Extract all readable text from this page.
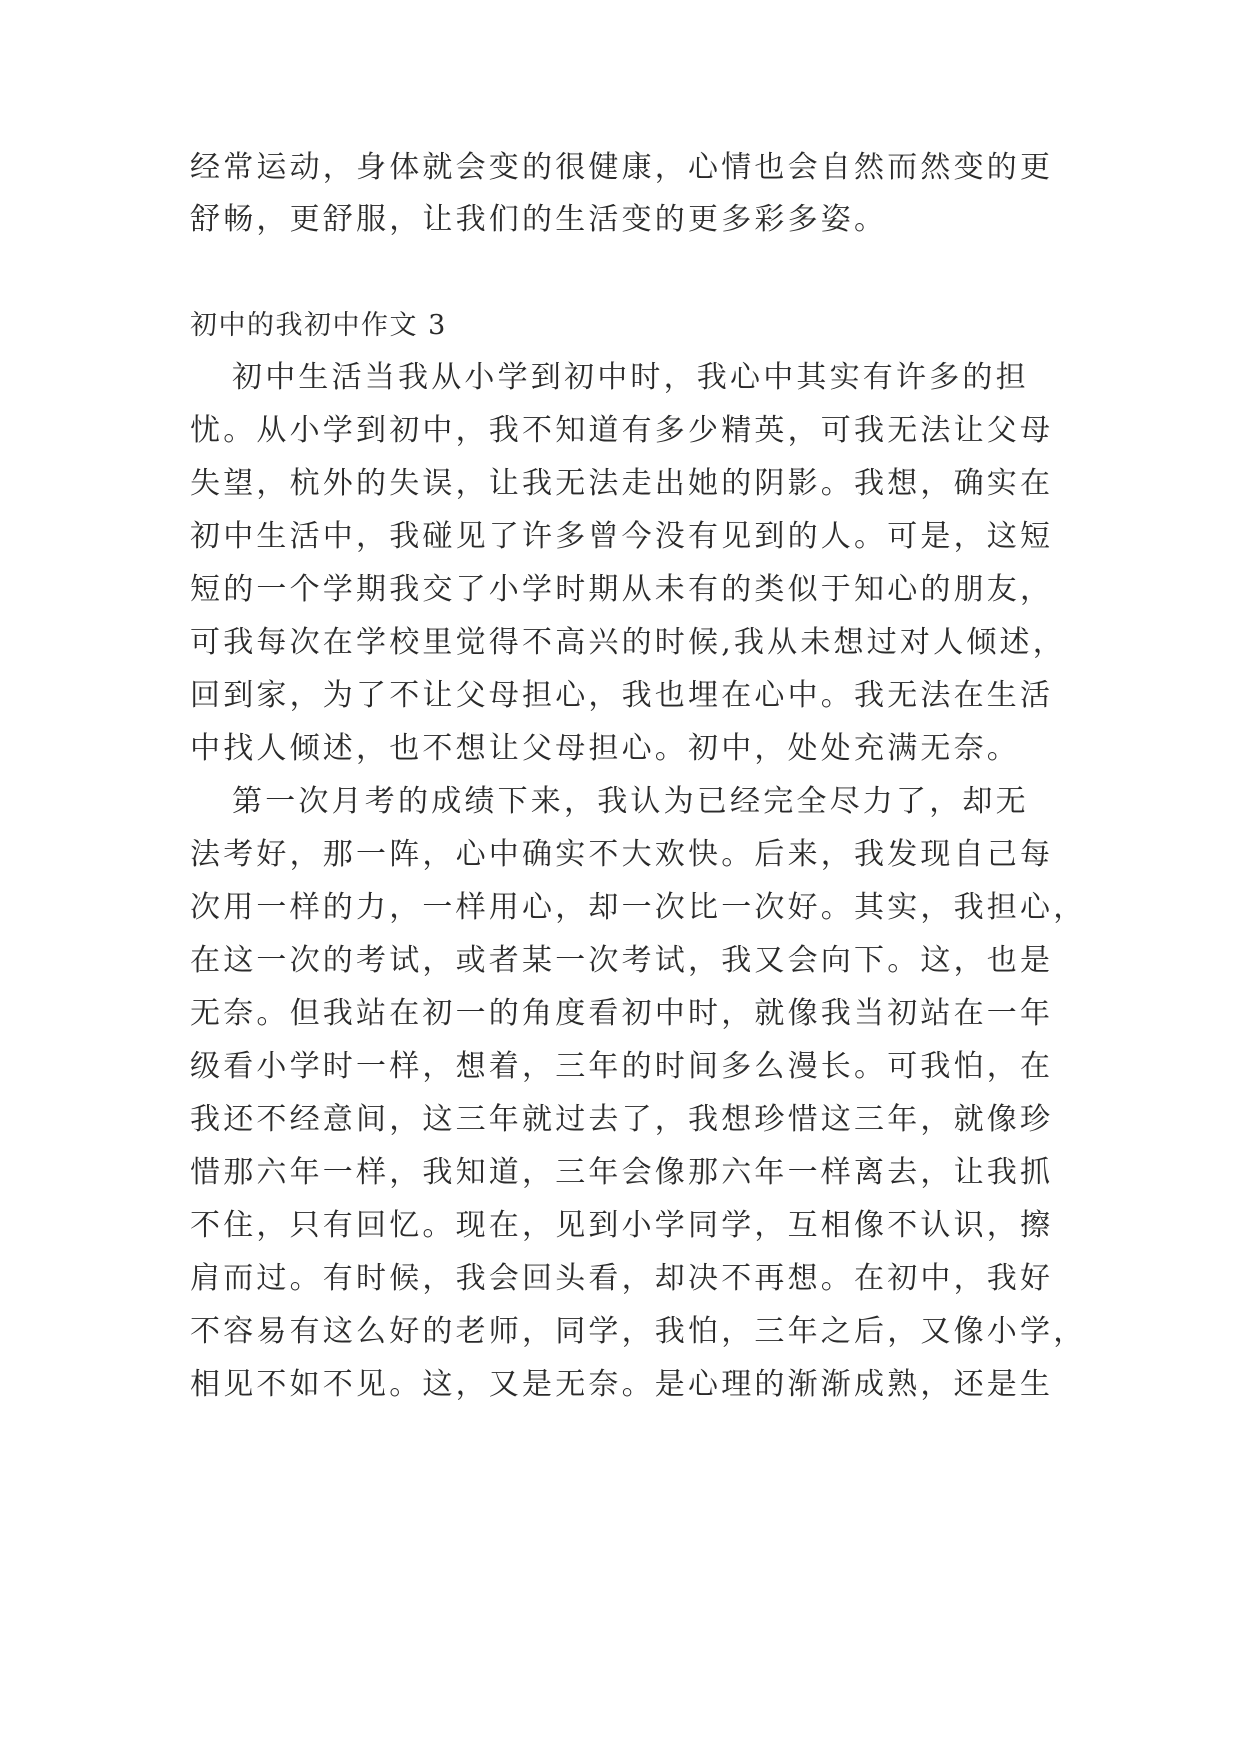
经常运动，身体就会变的很健康，心情也会自然而然变的更
舒畅，更舒服，让我们的生活变的更多彩多姿。
初中的我初中作文 3
初中生活当我从小学到初中时，我心中其实有许多的担
忧。从小学到初中，我不知道有多少精英，可我无法让父母
失望，杭外的失误，让我无法走出她的阴影。我想，确实在
初中生活中，我碰见了许多曾今没有见到的人。可是，这短
短的一个学期我交了小学时期从未有的类似于知心的朋友，
可我每次在学校里觉得不高兴的时候,我从未想过对人倾述，
回到家，为了不让父母担心，我也埋在心中。我无法在生活
中找人倾述，也不想让父母担心。初中，处处充满无奈。
第一次月考的成绩下来，我认为已经完全尽力了，却无
法考好，那一阵，心中确实不大欢快。后来，我发现自己每
次用一样的力，一样用心，却一次比一次好。其实，我担心，
在这一次的考试，或者某一次考试，我又会向下。这，也是
无奈。但我站在初一的角度看初中时，就像我当初站在一年
级看小学时一样，想着，三年的时间多么漫长。可我怕，在
我还不经意间，这三年就过去了，我想珍惜这三年，就像珍
惜那六年一样，我知道，三年会像那六年一样离去，让我抓
不住，只有回忆。现在，见到小学同学，互相像不认识，擦
肩而过。有时候，我会回头看，却决不再想。在初中，我好
不容易有这么好的老师，同学，我怕，三年之后，又像小学，
相见不如不见。这，又是无奈。是心理的渐渐成熟，还是生
